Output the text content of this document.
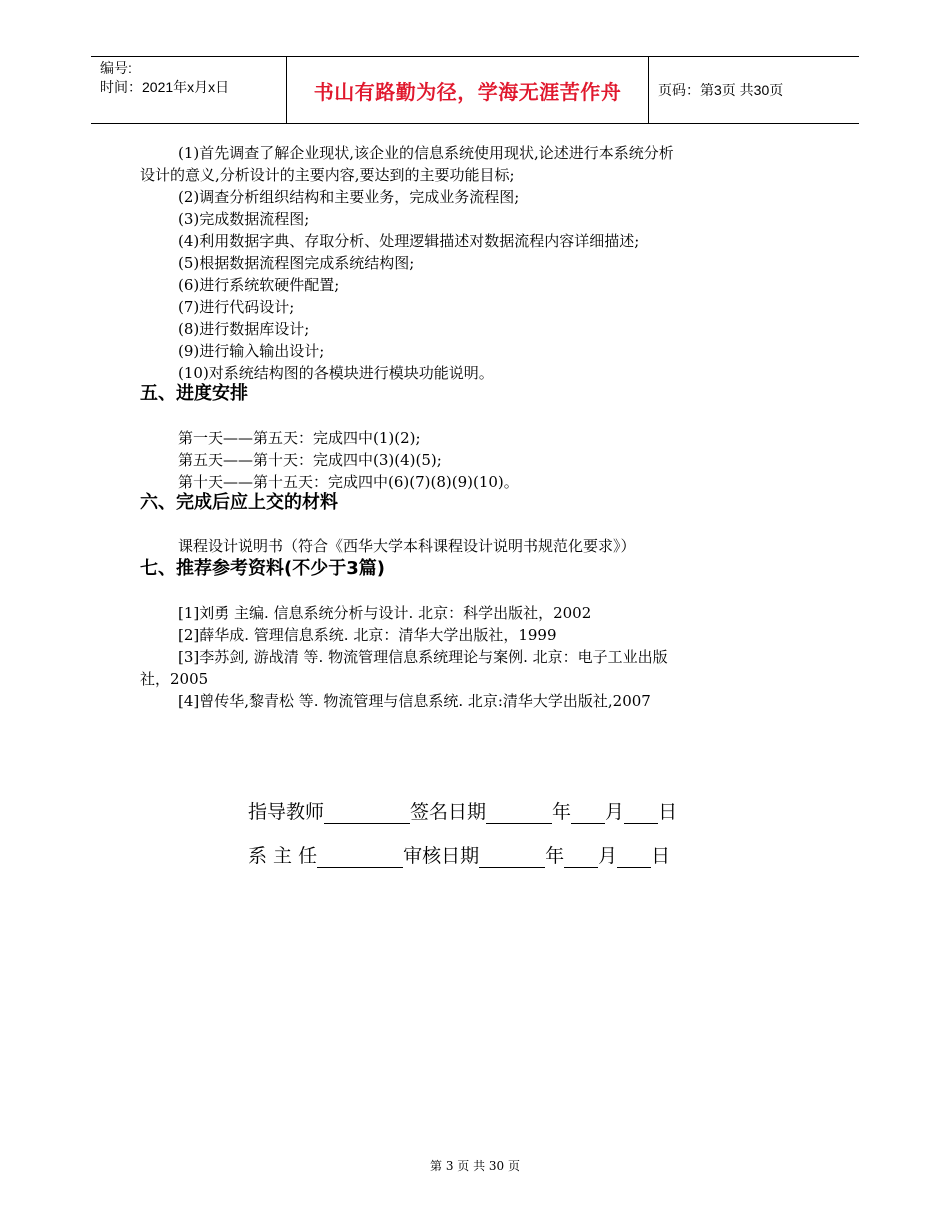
编号:
时间：2021年x月x日	书山有路勤为径，学海无涯苦作舟	页码：第3页 共30页
(1)首先调查了解企业现状,该企业的信息系统使用现状,论述进行本系统分析
设计的意义,分析设计的主要内容,要达到的主要功能目标;
(2)调查分析组织结构和主要业务，完成业务流程图;
(3)完成数据流程图;
(4)利用数据字典、存取分析、处理逻辑描述对数据流程内容详细描述;
(5)根据数据流程图完成系统结构图;
(6)进行系统软硬件配置;
(7)进行代码设计;
(8)进行数据库设计;
(9)进行输入输出设计;
(10)对系统结构图的各模块进行模块功能说明。
五、进度安排
第一天——第五天：完成四中(1)(2);
第五天——第十天：完成四中(3)(4)(5);
第十天——第十五天：完成四中(6)(7)(8)(9)(10)。
六、完成后应上交的材料
课程设计说明书（符合《西华大学本科课程设计说明书规范化要求》）
七、推荐参考资料(不少于3篇)
[1]刘勇 主编. 信息系统分析与设计. 北京：科学出版社，2002
[2]薛华成. 管理信息系统. 北京：清华大学出版社，1999
[3]李苏剑, 游战清 等. 物流管理信息系统理论与案例. 北京：电子工业出版
社，2005
[4]曾传华,黎青松 等. 物流管理与信息系统. 北京:清华大学出版社,2007
指导教师	签名日期	年 月 日
系 主 任	审核日期	年 月 日
第 3 页 共 30 页
